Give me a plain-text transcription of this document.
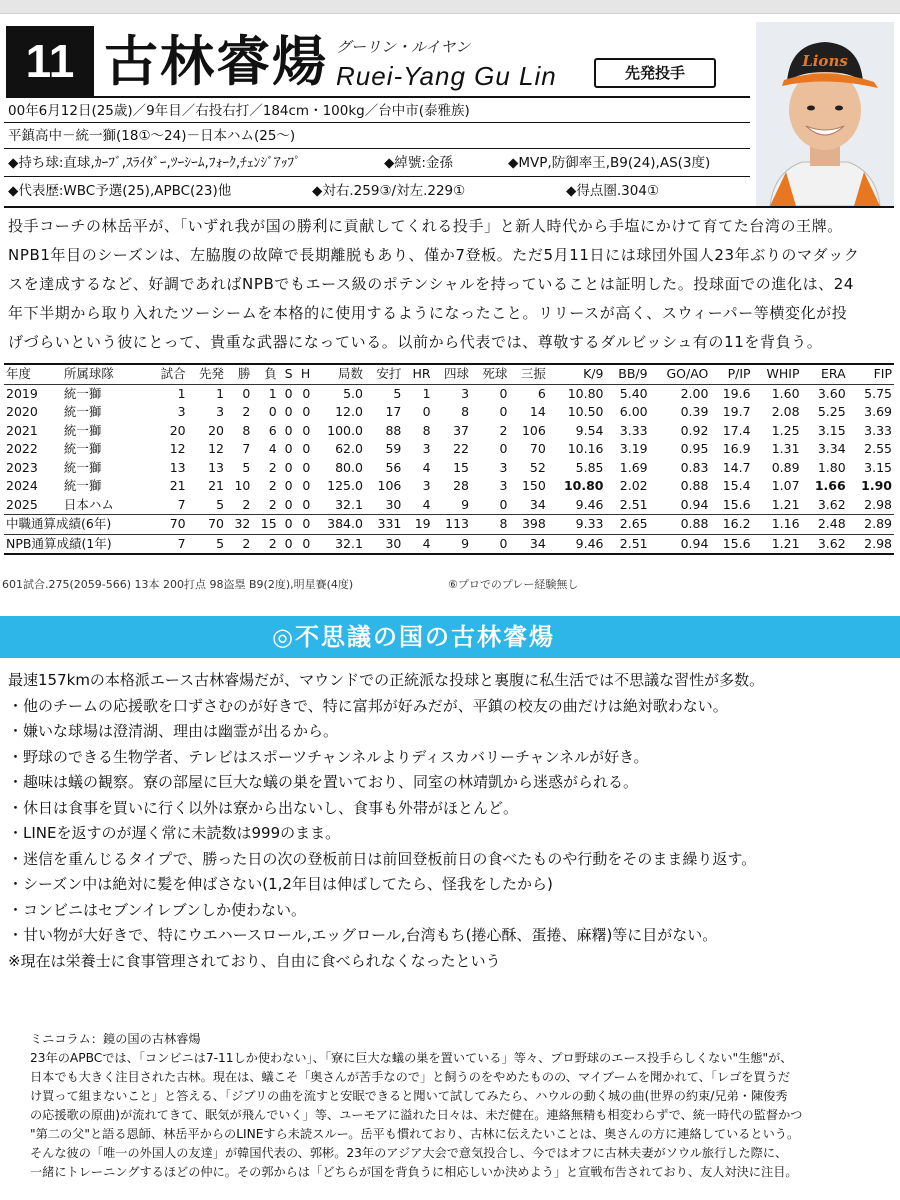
11 古林睿煬 グーリン・ルイヤン
Ruei-Yang Gu Lin	先発投手
Lions
00年6月12日(25歳)／9年目／右投右打／184cm・100kg／台中市(泰雅族)
平鎮高中－統一獅(18①～24)－日本ハム(25～)
◆持ち球:直球,ｶｰﾌﾞ,ｽﾗｲﾀﾞｰ,ﾂｰｼｰﾑ,ﾌｫｰｸ,ﾁｪﾝｼﾞｱｯﾌﾟ	◆綽號:金孫	◆MVP,防御率王,B9(24),AS(3度)
◆代表歴:WBC予選(25),APBC(23)他	◆対右.259③/対左.229①	◆得点圏.304①

投手コーチの林岳平が、「いずれ我が国の勝利に貢献してくれる投手」と新人時代から手塩にかけて育てた台湾の王牌。

NPB1年目のシーズンは、左脇腹の故障で長期離脱もあり、僅か7登板。ただ5月11日には球団外国人23年ぶりのマダック

スを達成するなど、好調であればNPBでもエース級のポテンシャルを持っていることは証明した。投球面での進化は、24

年下半期から取り入れたツーシームを本格的に使用するようになったこと。リリースが高く、スウィーパー等横変化が投

げづらいという彼にとって、貴重な武器になっている。以前から代表では、尊敬するダルビッシュ有の11を背負う。

年度	所属球隊	試合	先発	勝	負	S	H	局数	安打	HR	四球	死球	三振	K/9	BB/9	GO/AO	P/IP	WHIP	ERA	FIP
2019	統一獅	1	1	0	1	0	0	5.0	5	1	3	0	6	10.80	5.40	2.00	19.6	1.60	3.60	5.75
2020	統一獅	3	3	2	0	0	0	12.0	17	0	8	0	14	10.50	6.00	0.39	19.7	2.08	5.25	3.69
2021	統一獅	20	20	8	6	0	0	100.0	88	8	37	2	106	9.54	3.33	0.92	17.4	1.25	3.15	3.33
2022	統一獅	12	12	7	4	0	0	62.0	59	3	22	0	70	10.16	3.19	0.95	16.9	1.31	3.34	2.55
2023	統一獅	13	13	5	2	0	0	80.0	56	4	15	3	52	5.85	1.69	0.83	14.7	0.89	1.80	3.15
2024	統一獅	21	21	10	2	0	0	125.0	106	3	28	3	150	10.80	2.02	0.88	15.4	1.07	1.66	1.90
2025	日本ハム	7	5	2	2	0	0	32.1	30	4	9	0	34	9.46	2.51	0.94	15.6	1.21	3.62	2.98
中職通算成績(6年)		70	70	32	15	0	0	384.0	331	19	113	8	398	9.33	2.65	0.88	16.2	1.16	2.48	2.89
NPB通算成績(1年)		7	5	2	2	0	0	32.1	30	4	9	0	34	9.46	2.51	0.94	15.6	1.21	3.62	2.98
601試合.275(2059-566) 13本 200打点 98盗塁 B9(2度),明星賽(4度)	⑥プロでのプレー経験無し
◎不思議の国の古林睿煬

最速157kmの本格派エース古林睿煬だが、マウンドでの正統派な投球と裏腹に私生活では不思議な習性が多数。

・他のチームの応援歌を口ずさむのが好きで、特に富邦が好みだが、平鎮の校友の曲だけは絶対歌わない。

・嫌いな球場は澄清湖、理由は幽霊が出るから。

・野球のできる生物学者、テレビはスポーツチャンネルよりディスカバリーチャンネルが好き。

・趣味は蟻の観察。寮の部屋に巨大な蟻の巣を置いており、同室の林靖凱から迷惑がられる。

・休日は食事を買いに行く以外は寮から出ないし、食事も外帯がほとんど。

・LINEを返すのが遅く常に未読数は999のまま。

・迷信を重んじるタイプで、勝った日の次の登板前日は前回登板前日の食べたものや行動をそのまま繰り返す。

・シーズン中は絶対に髪を伸ばさない(1,2年目は伸ばしてたら、怪我をしたから)

・コンビニはセブンイレブンしか使わない。

・甘い物が大好きで、特にウエハースロール,エッグロール,台湾もち(捲心酥、蛋捲、麻糬)等に目がない。

※現在は栄養士に食事管理されており、自由に食べられなくなったという

ミニコラム：鏡の国の古林睿煬

23年のAPBCでは、「コンビニは7-11しか使わない」、「寮に巨大な蟻の巣を置いている」等々、プロ野球のエース投手らしくない"生態"が、

日本でも大きく注目された古林。現在は、蟻こそ「奥さんが苦手なので」と飼うのをやめたものの、マイブームを聞かれて、「レゴを買うだ

け買って組まないこと」と答える、「ジブリの曲を流すと安眠できると聞いて試してみたら、ハウルの動く城の曲(世界の約束/兄弟・陳俊秀

の応援歌の原曲)が流れてきて、眠気が飛んでいく」等、ユーモアに溢れた日々は、未だ健在。連絡無精も相変わらずで、統一時代の監督かつ

"第二の父"と語る恩師、林岳平からのLINEすら未読スルー。岳平も慣れており、古林に伝えたいことは、奥さんの方に連絡しているという。

そんな彼の「唯一の外国人の友達」が韓国代表の、郭彬。23年のアジア大会で意気投合し、今ではオフに古林夫妻がソウル旅行した際に、

一緒にトレーニングするほどの仲に。その郭からは「どちらが国を背負うに相応しいか決めよう」と宣戦布告されており、友人対決に注目。
